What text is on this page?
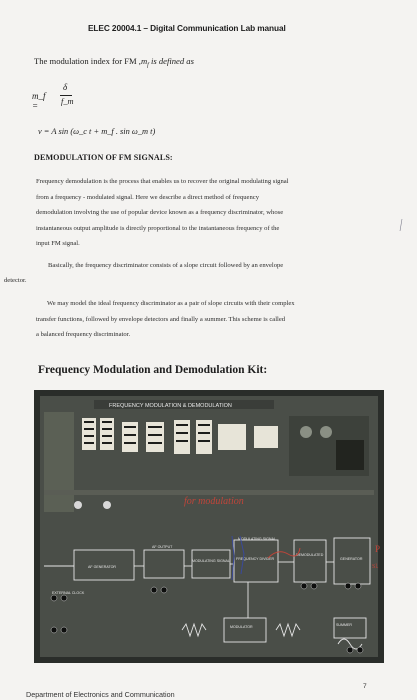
ELEC 20004.1 – Digital Communication Lab manual
The modulation index for FM $,m_f$ is defined as
m_f =
δ
f_m
v = A sin (ω_c t + m_f . sin ω_m t)
DEMODULATION OF FM SIGNALS:
Frequency demodulation is the process that enables us to recover the original modulating signal
from a frequency - modulated signal. Here we describe a direct method of frequency
demodulation involving the use of popular device known as a frequency discriminator, whose
instantaneous output amplitude is directly proportional to the instantaneous frequency of the
input FM signal.
Basically, the frequency discriminator consists of a slope circuit followed by an envelope
detector.
We may model the ideal frequency discriminator as a pair of slope circuits with their complex
transfer functions, followed by envelope detectors and finally a summer. This scheme is called
a balanced frequency discriminator.
Frequency Modulation and Demodulation Kit:
FREQUENCY MODULATION & DEMODULATION
for modulation
AF GENERATOR
AF OUTPUT
MODULATING SIGNAL FREQUENCY DIVIDER
DEMODULATED
EXTERNAL CLOCK
MODULATOR	SUMMER
MODULATING SIGNAL
GENERATOR
P
Sl.
Department of Electronics and Communication
7
